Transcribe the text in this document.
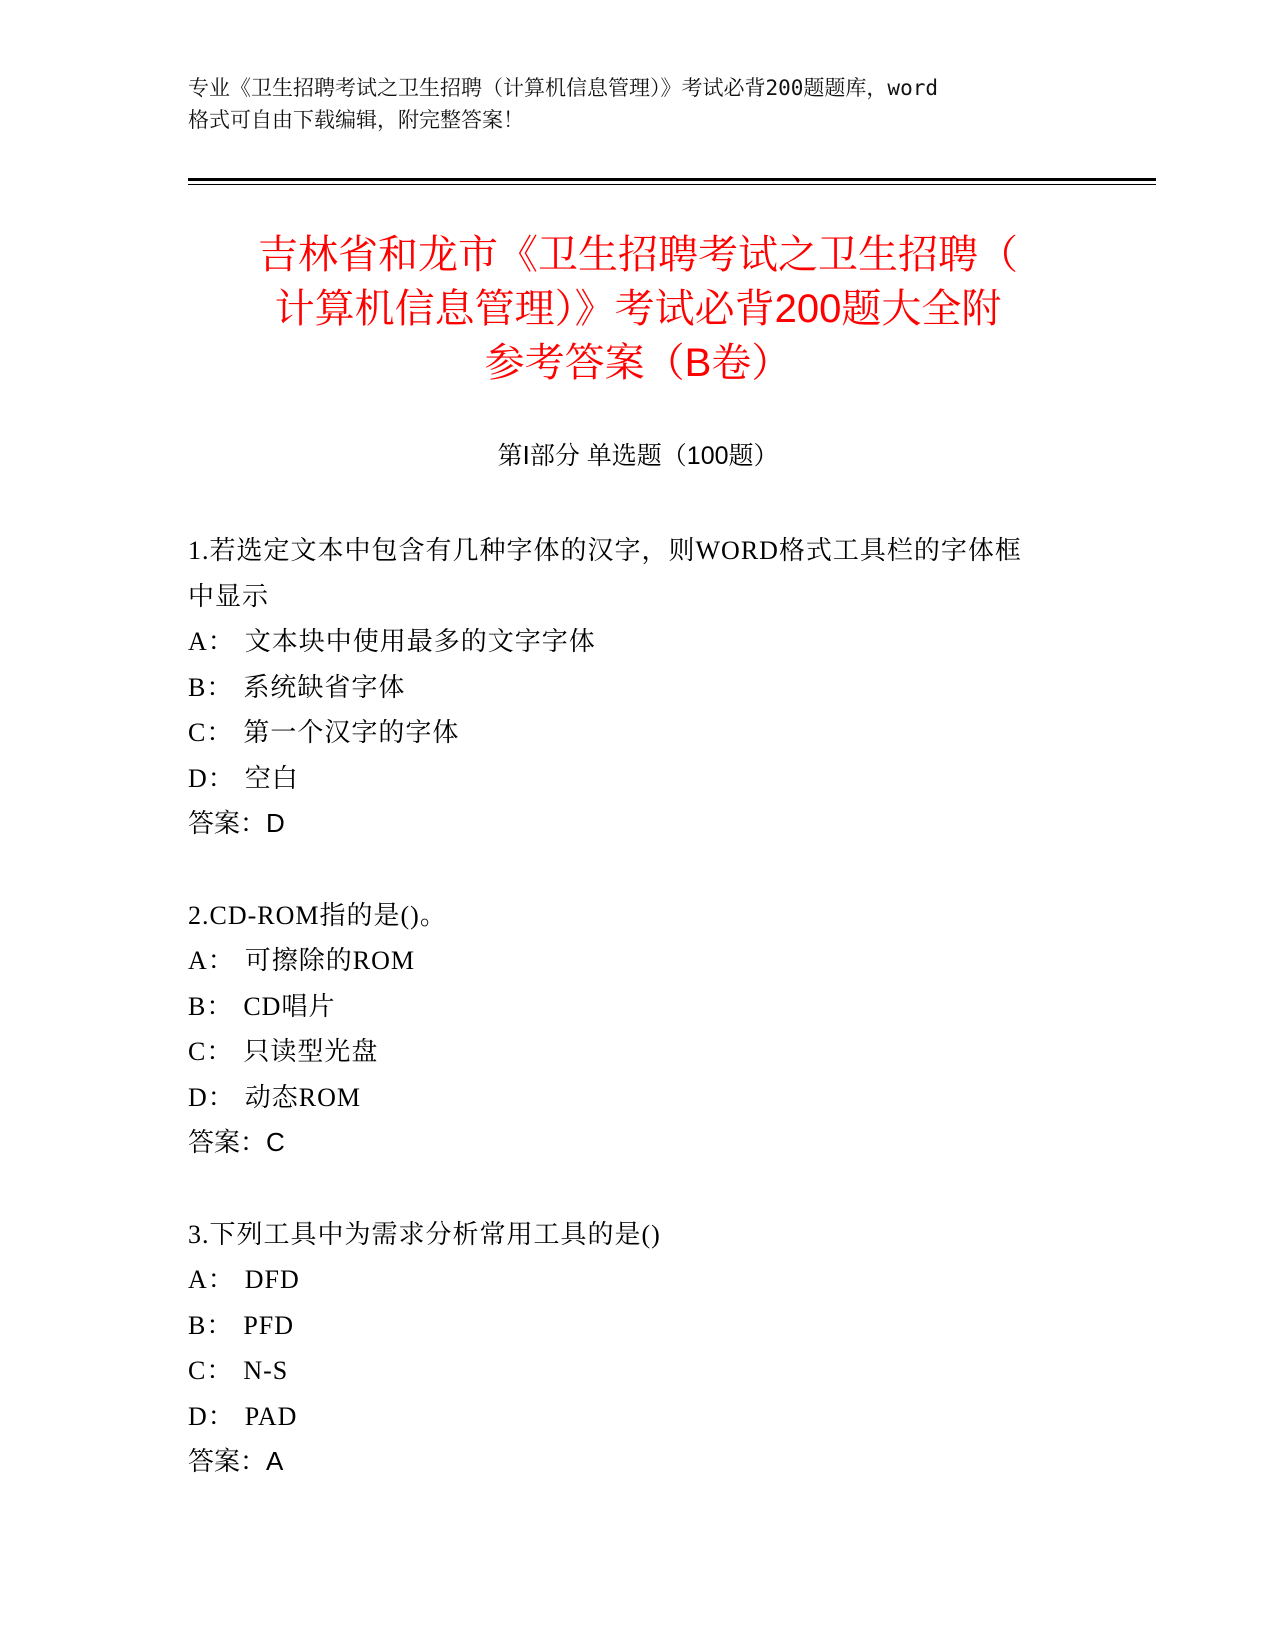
专业《卫生招聘考试之卫生招聘（计算机信息管理）》考试必背200题题库，word
格式可自由下载编辑，附完整答案！
吉林省和龙市《卫生招聘考试之卫生招聘（
计算机信息管理）》考试必背200题大全附
参考答案（B卷）
第Ⅰ部分 单选题（100题）
1.若选定文本中包含有几种字体的汉字，则WORD格式工具栏的字体框
中显示
A： 文本块中使用最多的文字字体
B： 系统缺省字体
C： 第一个汉字的字体
D： 空白
答案：D
2.CD-ROM指的是()。
A： 可擦除的ROM
B： CD唱片
C： 只读型光盘
D： 动态ROM
答案：C
3.下列工具中为需求分析常用工具的是()
A： DFD
B： PFD
C： N-S
D： PAD
答案：A
